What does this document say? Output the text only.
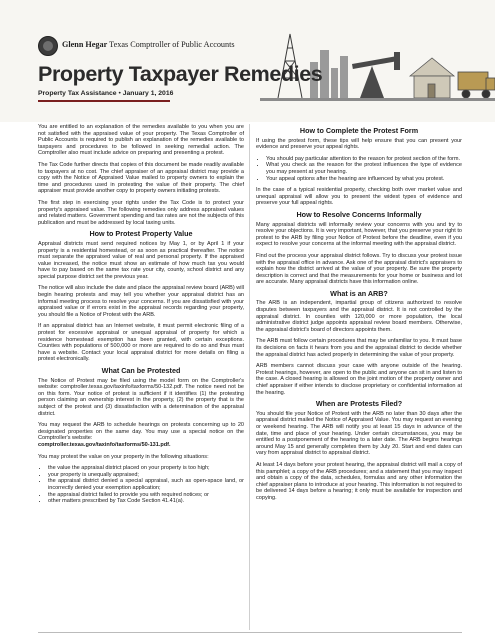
Glenn Hegar Texas Comptroller of Public Accounts
Property Taxpayer Remedies
Property Tax Assistance • January 1, 2016

You are entitled to an explanation of the remedies available to you when you are not satisfied with the appraised value of your property. The Texas Comptroller of Public Accounts is required to publish an explanation of the remedies available to taxpayers and procedures to be followed in seeking remedial action. The Comptroller also must include advice on preparing and presenting a protest.

The Tax Code further directs that copies of this document be made readily available to taxpayers at no cost. The chief appraiser of an appraisal district may provide a copy with the Notice of Appraised Value mailed to property owners to explain the time and procedures used in protesting the value of their property. The chief appraiser must provide another copy to property owners initiating protests.

The first step in exercising your rights under the Tax Code is to protect your property's appraised value. The following remedies only address appraised values and related matters. Government spending and tax rates are not the subjects of this publication and must be addressed by local taxing units.

How to Protest Property Value

Appraisal districts must send required notices by May 1, or by April 1 if your property is a residential homestead, or as soon as practical thereafter. The notice must separate the appraised value of real and personal property. If the appraised value increased, the notice must show an estimate of how much tax you would have to pay based on the same tax rate your city, county, school district and any special purpose district set the previous year.

The notice will also include the date and place the appraisal review board (ARB) will begin hearing protests and may tell you whether your appraisal district has an informal meeting process to resolve your concerns. If you are dissatisfied with your appraised value or if errors exist in the appraisal records regarding your property, you should file a Notice of Protest with the ARB.

If an appraisal district has an Internet website, it must permit electronic filing of a protest for excessive appraisal or unequal appraisal of property for which a residence homestead exemption has been granted, with certain exceptions. Counties with populations of 500,000 or more are required to do so and thus must have a website. Contact your local appraisal district for more details on filing a protest electronically.

What Can be Protested

The Notice of Protest may be filed using the model form on the Comptroller's website: comptroller.texas.gov/taxinfo/taxforms/50-132.pdf. The notice need not be on this form. Your notice of protest is sufficient if it identifies (1) the protesting person claiming an ownership interest in the property, (2) the property that is the subject of the protest and (3) dissatisfaction with a determination of the appraisal district.

You may request the ARB to schedule hearings on protests concerning up to 20 designated properties on the same day. You may use a special notice on the Comptroller's website:
comptroller.texas.gov/taxinfo/taxforms/50-131.pdf.

You may protest the value on your property in the following situations:

• the value the appraisal district placed on your property is too high;
• your property is unequally appraised;
• the appraisal district denied a special appraisal, such as open-space land, or incorrectly denied your exemption application;
• the appraisal district failed to provide you with required notices; or
• other matters prescribed by Tax Code Section 41.41(a).
How to Complete the Protest Form

If using the protest form, these tips will help ensure that you can present your evidence and preserve your appeal rights.

• You should pay particular attention to the reason for protest section of the form.
• What you check as the reason for the protest influences the type of evidence you may present at your hearing.
• Your appeal options after the hearing are influenced by what you protest.

In the case of a typical residential property, checking both over market value and unequal appraisal will allow you to present the widest types of evidence and preserve your full appeal rights.

How to Resolve Concerns Informally

Many appraisal districts will informally review your concerns with you and try to resolve your objections. It is very important, however, that you preserve your right to protest to the ARB by filing your Notice of Protest before the deadline, even if you expect to resolve your concerns at the informal meeting with the appraisal district.

Find out the process your appraisal district follows. Try to discuss your protest issue with the appraisal office in advance. Ask one of the appraisal district's appraisers to explain how the district arrived at the value of your property. Be sure the property description is correct and that the measurements for your home or business and lot are accurate. Many appraisal districts have this information online.

What is an ARB?

The ARB is an independent, impartial group of citizens authorized to resolve disputes between taxpayers and the appraisal district. It is not controlled by the appraisal district. In counties with 120,000 or more population, the local administrative district judge appoints appraisal review board members. Otherwise, the appraisal district's board of directors appoints them.

The ARB must follow certain procedures that may be unfamiliar to you. It must base its decisions on facts it hears from you and the appraisal district to decide whether the appraisal district has acted properly in determining the value of your property.

ARB members cannot discuss your case with anyone outside of the hearing. Protest hearings, however, are open to the public and anyone can sit in and listen to the case. A closed hearing is allowed on the joint motion of the property owner and chief appraiser if either intends to disclose proprietary or confidential information at the hearing.

When are Protests Filed?

You should file your Notice of Protest with the ARB no later than 30 days after the appraisal district mailed the Notice of Appraised Value. You may request an evening or weekend hearing. The ARB will notify you at least 15 days in advance of the date, time and place of your hearing. Under certain circumstances, you may be entitled to a postponement of the hearing to a later date. The ARB begins hearings around May 15 and generally completes them by July 20. Start and end dates can vary from appraisal district to appraisal district.

At least 14 days before your protest hearing, the appraisal district will mail a copy of this pamphlet; a copy of the ARB procedures; and a statement that you may inspect and obtain a copy of the data, schedules, formulas and any other information the chief appraiser plans to introduce at your hearing. This information is not required to be delivered 14 days before a hearing; it only must be available for inspection and copying.
